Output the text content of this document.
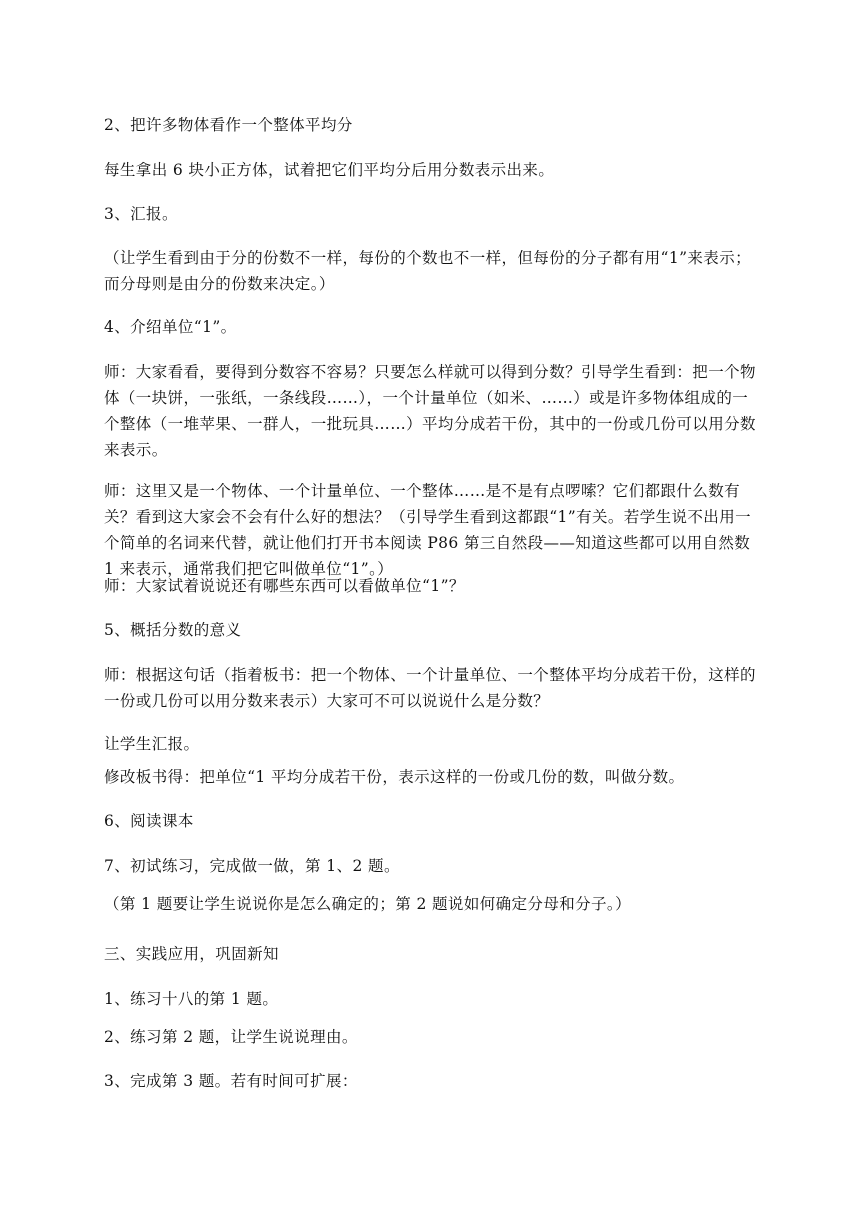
2、把许多物体看作一个整体平均分

每生拿出 6 块小正方体，试着把它们平均分后用分数表示出来。

3、汇报。

（让学生看到由于分的份数不一样，每份的个数也不一样，但每份的分子都有用“1”来表示；而分母则是由分的份数来决定。）

4、介绍单位“1”。

师：大家看看，要得到分数容不容易？只要怎么样就可以得到分数？引导学生看到：把一个物体（一块饼，一张纸，一条线段……），一个计量单位（如米、……）或是许多物体组成的一个整体（一堆苹果、一群人，一批玩具……）平均分成若干份，其中的一份或几份可以用分数来表示。

师：这里又是一个物体、一个计量单位、一个整体……是不是有点啰嗦？它们都跟什么数有关？看到这大家会不会有什么好的想法？（引导学生看到这都跟“1”有关。若学生说不出用一个简单的名词来代替，就让他们打开书本阅读 P86 第三自然段——知道这些都可以用自然数 1 来表示，通常我们把它叫做单位“1”。）

师：大家试着说说还有哪些东西可以看做单位“1”？

5、概括分数的意义

师：根据这句话（指着板书：把一个物体、一个计量单位、一个整体平均分成若干份，这样的一份或几份可以用分数来表示）大家可不可以说说什么是分数？

让学生汇报。

修改板书得：把单位“1 平均分成若干份，表示这样的一份或几份的数，叫做分数。

6、阅读课本

7、初试练习，完成做一做，第 1、2 题。

（第 1 题要让学生说说你是怎么确定的；第 2 题说如何确定分母和分子。）

三、实践应用，巩固新知

1、练习十八的第 1 题。

2、练习第 2 题，让学生说说理由。

3、完成第 3 题。若有时间可扩展：
